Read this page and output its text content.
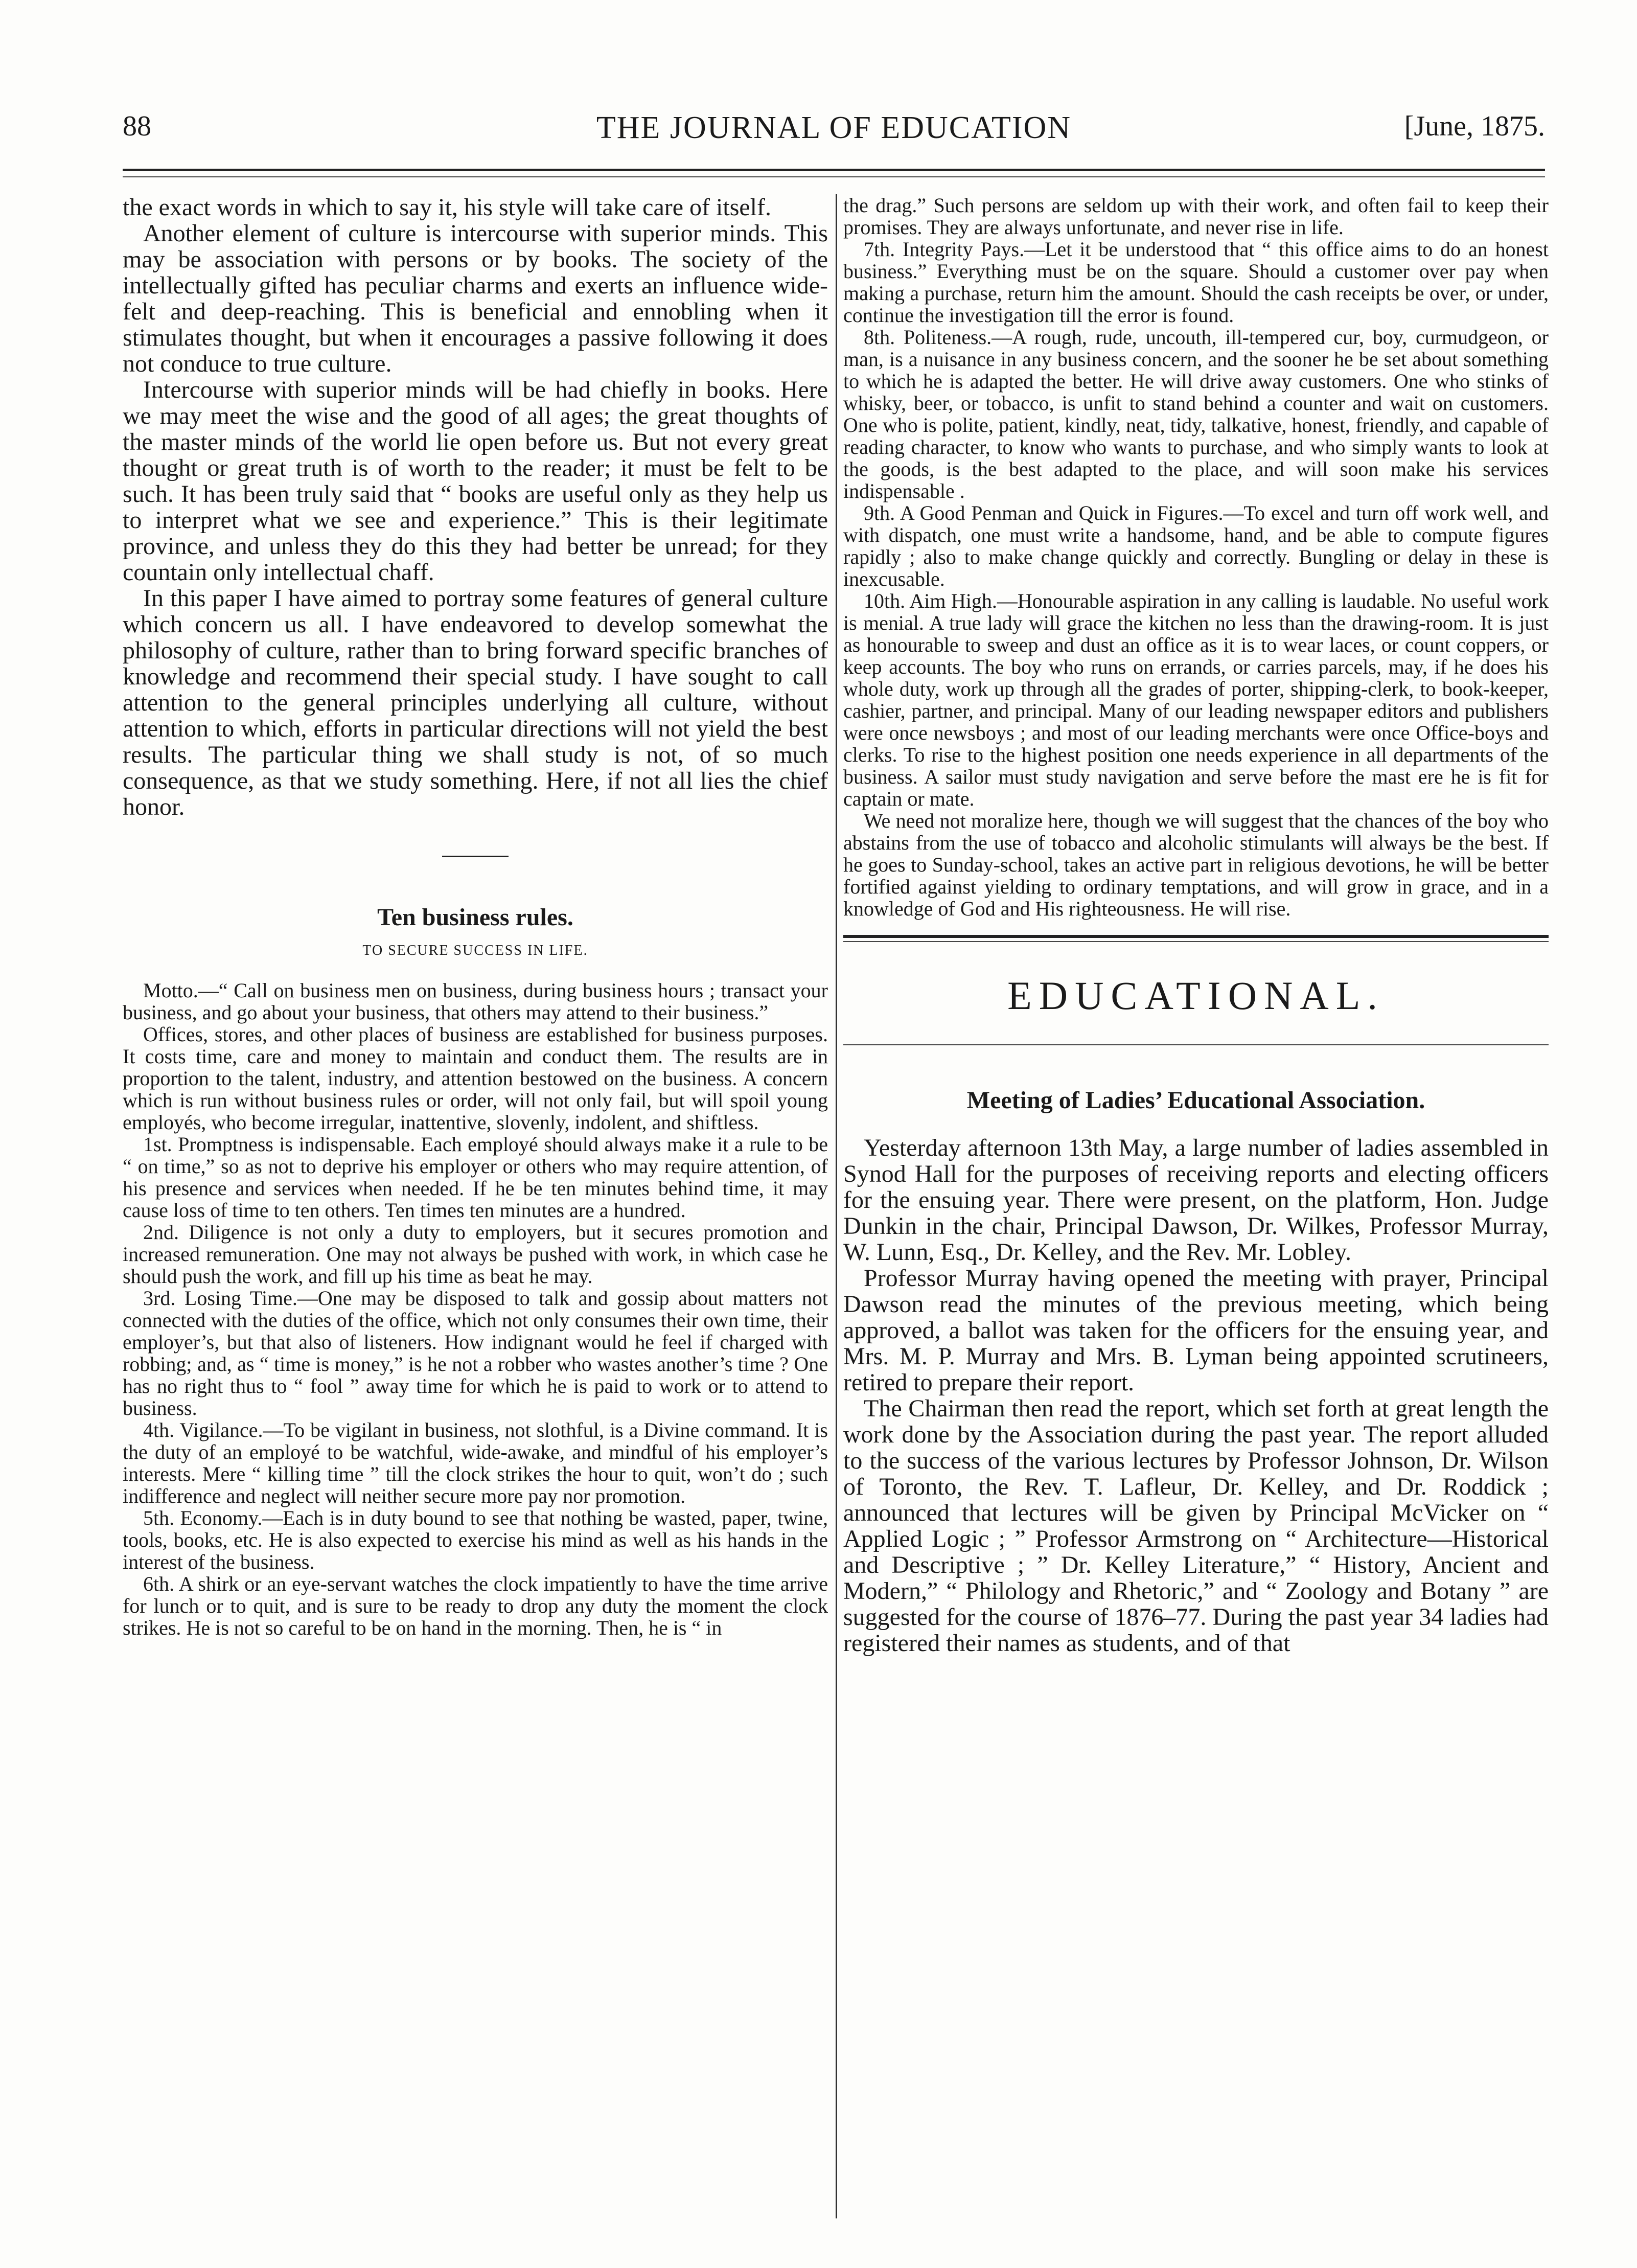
88	THE JOURNAL OF EDUCATION	[June, 1875.

the exact words in which to say it, his style will take care of itself.

Another element of culture is intercourse with superior minds. This may be association with persons or by books. The society of the intellectually gifted has peculiar charms and exerts an influence wide-felt and deep-reaching. This is beneficial and ennobling when it stimulates thought, but when it encourages a passive following it does not conduce to true culture.

Intercourse with superior minds will be had chiefly in books. Here we may meet the wise and the good of all ages; the great thoughts of the master minds of the world lie open before us. But not every great thought or great truth is of worth to the reader; it must be felt to be such. It has been truly said that “ books are useful only as they help us to interpret what we see and experience.” This is their legitimate province, and unless they do this they had better be unread; for they countain only intellectual chaff.

In this paper I have aimed to portray some features of general culture which concern us all. I have endeavored to develop somewhat the philosophy of culture, rather than to bring forward specific branches of knowledge and recommend their special study. I have sought to call attention to the general principles underlying all culture, without attention to which, efforts in particular directions will not yield the best results. The particular thing we shall study is not, of so much consequence, as that we study something. Here, if not all lies the chief honor.

Ten business rules.
TO SECURE SUCCESS IN LIFE.

Motto.—“ Call on business men on business, during business hours ; transact your business, and go about your business, that others may attend to their business.”

Offices, stores, and other places of business are established for business purposes. It costs time, care and money to maintain and conduct them. The results are in proportion to the talent, industry, and attention bestowed on the business. A concern which is run without business rules or order, will not only fail, but will spoil young employés, who become irregular, inattentive, slovenly, indolent, and shiftless.

1st. Promptness is indispensable. Each employé should always make it a rule to be “ on time,” so as not to deprive his employer or others who may require attention, of his presence and services when needed. If he be ten minutes behind time, it may cause loss of time to ten others. Ten times ten minutes are a hundred.

2nd. Diligence is not only a duty to employers, but it secures promotion and increased remuneration. One may not always be pushed with work, in which case he should push the work, and fill up his time as beat he may.

3rd. Losing Time.—One may be disposed to talk and gossip about matters not connected with the duties of the office, which not only consumes their own time, their employer’s, but that also of listeners. How indignant would he feel if charged with robbing; and, as “ time is money,” is he not a robber who wastes another’s time ? One has no right thus to “ fool ” away time for which he is paid to work or to attend to business.

4th. Vigilance.—To be vigilant in business, not slothful, is a Divine command. It is the duty of an employé to be watchful, wide-awake, and mindful of his employer’s interests. Mere “ killing time ” till the clock strikes the hour to quit, won’t do ; such indifference and neglect will neither secure more pay nor promotion.

5th. Economy.—Each is in duty bound to see that nothing be wasted, paper, twine, tools, books, etc. He is also expected to exercise his mind as well as his hands in the interest of the business.

6th. A shirk or an eye-servant watches the clock impatiently to have the time arrive for lunch or to quit, and is sure to be ready to drop any duty the moment the clock strikes. He is not so careful to be on hand in the morning. Then, he is “ in

the drag.” Such persons are seldom up with their work, and often fail to keep their promises. They are always unfortunate, and never rise in life.

7th. Integrity Pays.—Let it be understood that “ this office aims to do an honest business.” Everything must be on the square. Should a customer over pay when making a purchase, return him the amount. Should the cash receipts be over, or under, continue the investigation till the error is found.

8th. Politeness.—A rough, rude, uncouth, ill-tempered cur, boy, curmudgeon, or man, is a nuisance in any business concern, and the sooner he be set about something to which he is adapted the better. He will drive away customers. One who stinks of whisky, beer, or tobacco, is unfit to stand behind a counter and wait on customers. One who is polite, patient, kindly, neat, tidy, talkative, honest, friendly, and capable of reading character, to know who wants to purchase, and who simply wants to look at the goods, is the best adapted to the place, and will soon make his services indispensable .

9th. A Good Penman and Quick in Figures.—To excel and turn off work well, and with dispatch, one must write a handsome, hand, and be able to compute figures rapidly ; also to make change quickly and correctly. Bungling or delay in these is inexcusable.

10th. Aim High.—Honourable aspiration in any calling is laudable. No useful work is menial. A true lady will grace the kitchen no less than the drawing-room. It is just as honourable to sweep and dust an office as it is to wear laces, or count coppers, or keep accounts. The boy who runs on errands, or carries parcels, may, if he does his whole duty, work up through all the grades of porter, shipping-clerk, to book-keeper, cashier, partner, and principal. Many of our leading newspaper editors and publishers were once newsboys ; and most of our leading merchants were once Office-boys and clerks. To rise to the highest position one needs experience in all departments of the business. A sailor must study navigation and serve before the mast ere he is fit for captain or mate.

We need not moralize here, though we will suggest that the chances of the boy who abstains from the use of tobacco and alcoholic stimulants will always be the best. If he goes to Sunday-school, takes an active part in religious devotions, he will be better fortified against yielding to ordinary temptations, and will grow in grace, and in a knowledge of God and His righteousness. He will rise.

EDUCATIONAL.
Meeting of Ladies’ Educational Association.

Yesterday afternoon 13th May, a large number of ladies assembled in Synod Hall for the purposes of receiving reports and electing officers for the ensuing year. There were present, on the platform, Hon. Judge Dunkin in the chair, Principal Dawson, Dr. Wilkes, Professor Murray, W. Lunn, Esq., Dr. Kelley, and the Rev. Mr. Lobley.

Professor Murray having opened the meeting with prayer, Principal Dawson read the minutes of the previous meeting, which being approved, a ballot was taken for the officers for the ensuing year, and Mrs. M. P. Murray and Mrs. B. Lyman being appointed scrutineers, retired to prepare their report.

The Chairman then read the report, which set forth at great length the work done by the Association during the past year. The report alluded to the success of the various lectures by Professor Johnson, Dr. Wilson of Toronto, the Rev. T. Lafleur, Dr. Kelley, and Dr. Roddick ; announced that lectures will be given by Principal McVicker on “ Applied Logic ; ” Professor Armstrong on “ Architecture—Historical and Descriptive ; ” Dr. Kelley Literature,” “ History, Ancient and Modern,” “ Philology and Rhetoric,” and “ Zoology and Botany ” are suggested for the course of 1876–77. During the past year 34 ladies had registered their names as students, and of that
